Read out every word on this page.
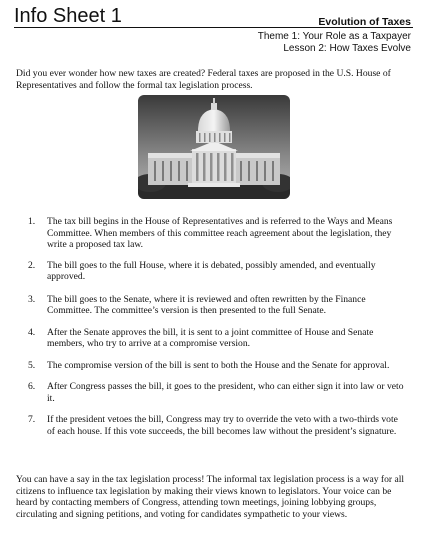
Info Sheet 1	Evolution of Taxes
Theme 1: Your Role as a Taxpayer
Lesson 2: How Taxes Evolve

Did you ever wonder how new taxes are created? Federal taxes are proposed in the U.S. House of Representatives and follow the formal tax legislation process.

1. The tax bill begins in the House of Representatives and is referred to the Ways and Means Committee. When members of this committee reach agreement about the legislation, they write a proposed tax law.
2. The bill goes to the full House, where it is debated, possibly amended, and eventually approved.
3. The bill goes to the Senate, where it is reviewed and often rewritten by the Finance Committee. The committee’s version is then presented to the full Senate.
4. After the Senate approves the bill, it is sent to a joint committee of House and Senate members, who try to arrive at a compromise version.
5. The compromise version of the bill is sent to both the House and the Senate for approval.
6. After Congress passes the bill, it goes to the president, who can either sign it into law or veto it.
7. If the president vetoes the bill, Congress may try to override the veto with a two-thirds vote of each house. If this vote succeeds, the bill becomes law without the president’s signature.

You can have a say in the tax legislation process! The informal tax legislation process is a way for all citizens to influence tax legislation by making their views known to legislators. Your voice can be heard by contacting members of Congress, attending town meetings, joining lobbying groups, circulating and signing petitions, and voting for candidates sympathetic to your views.
